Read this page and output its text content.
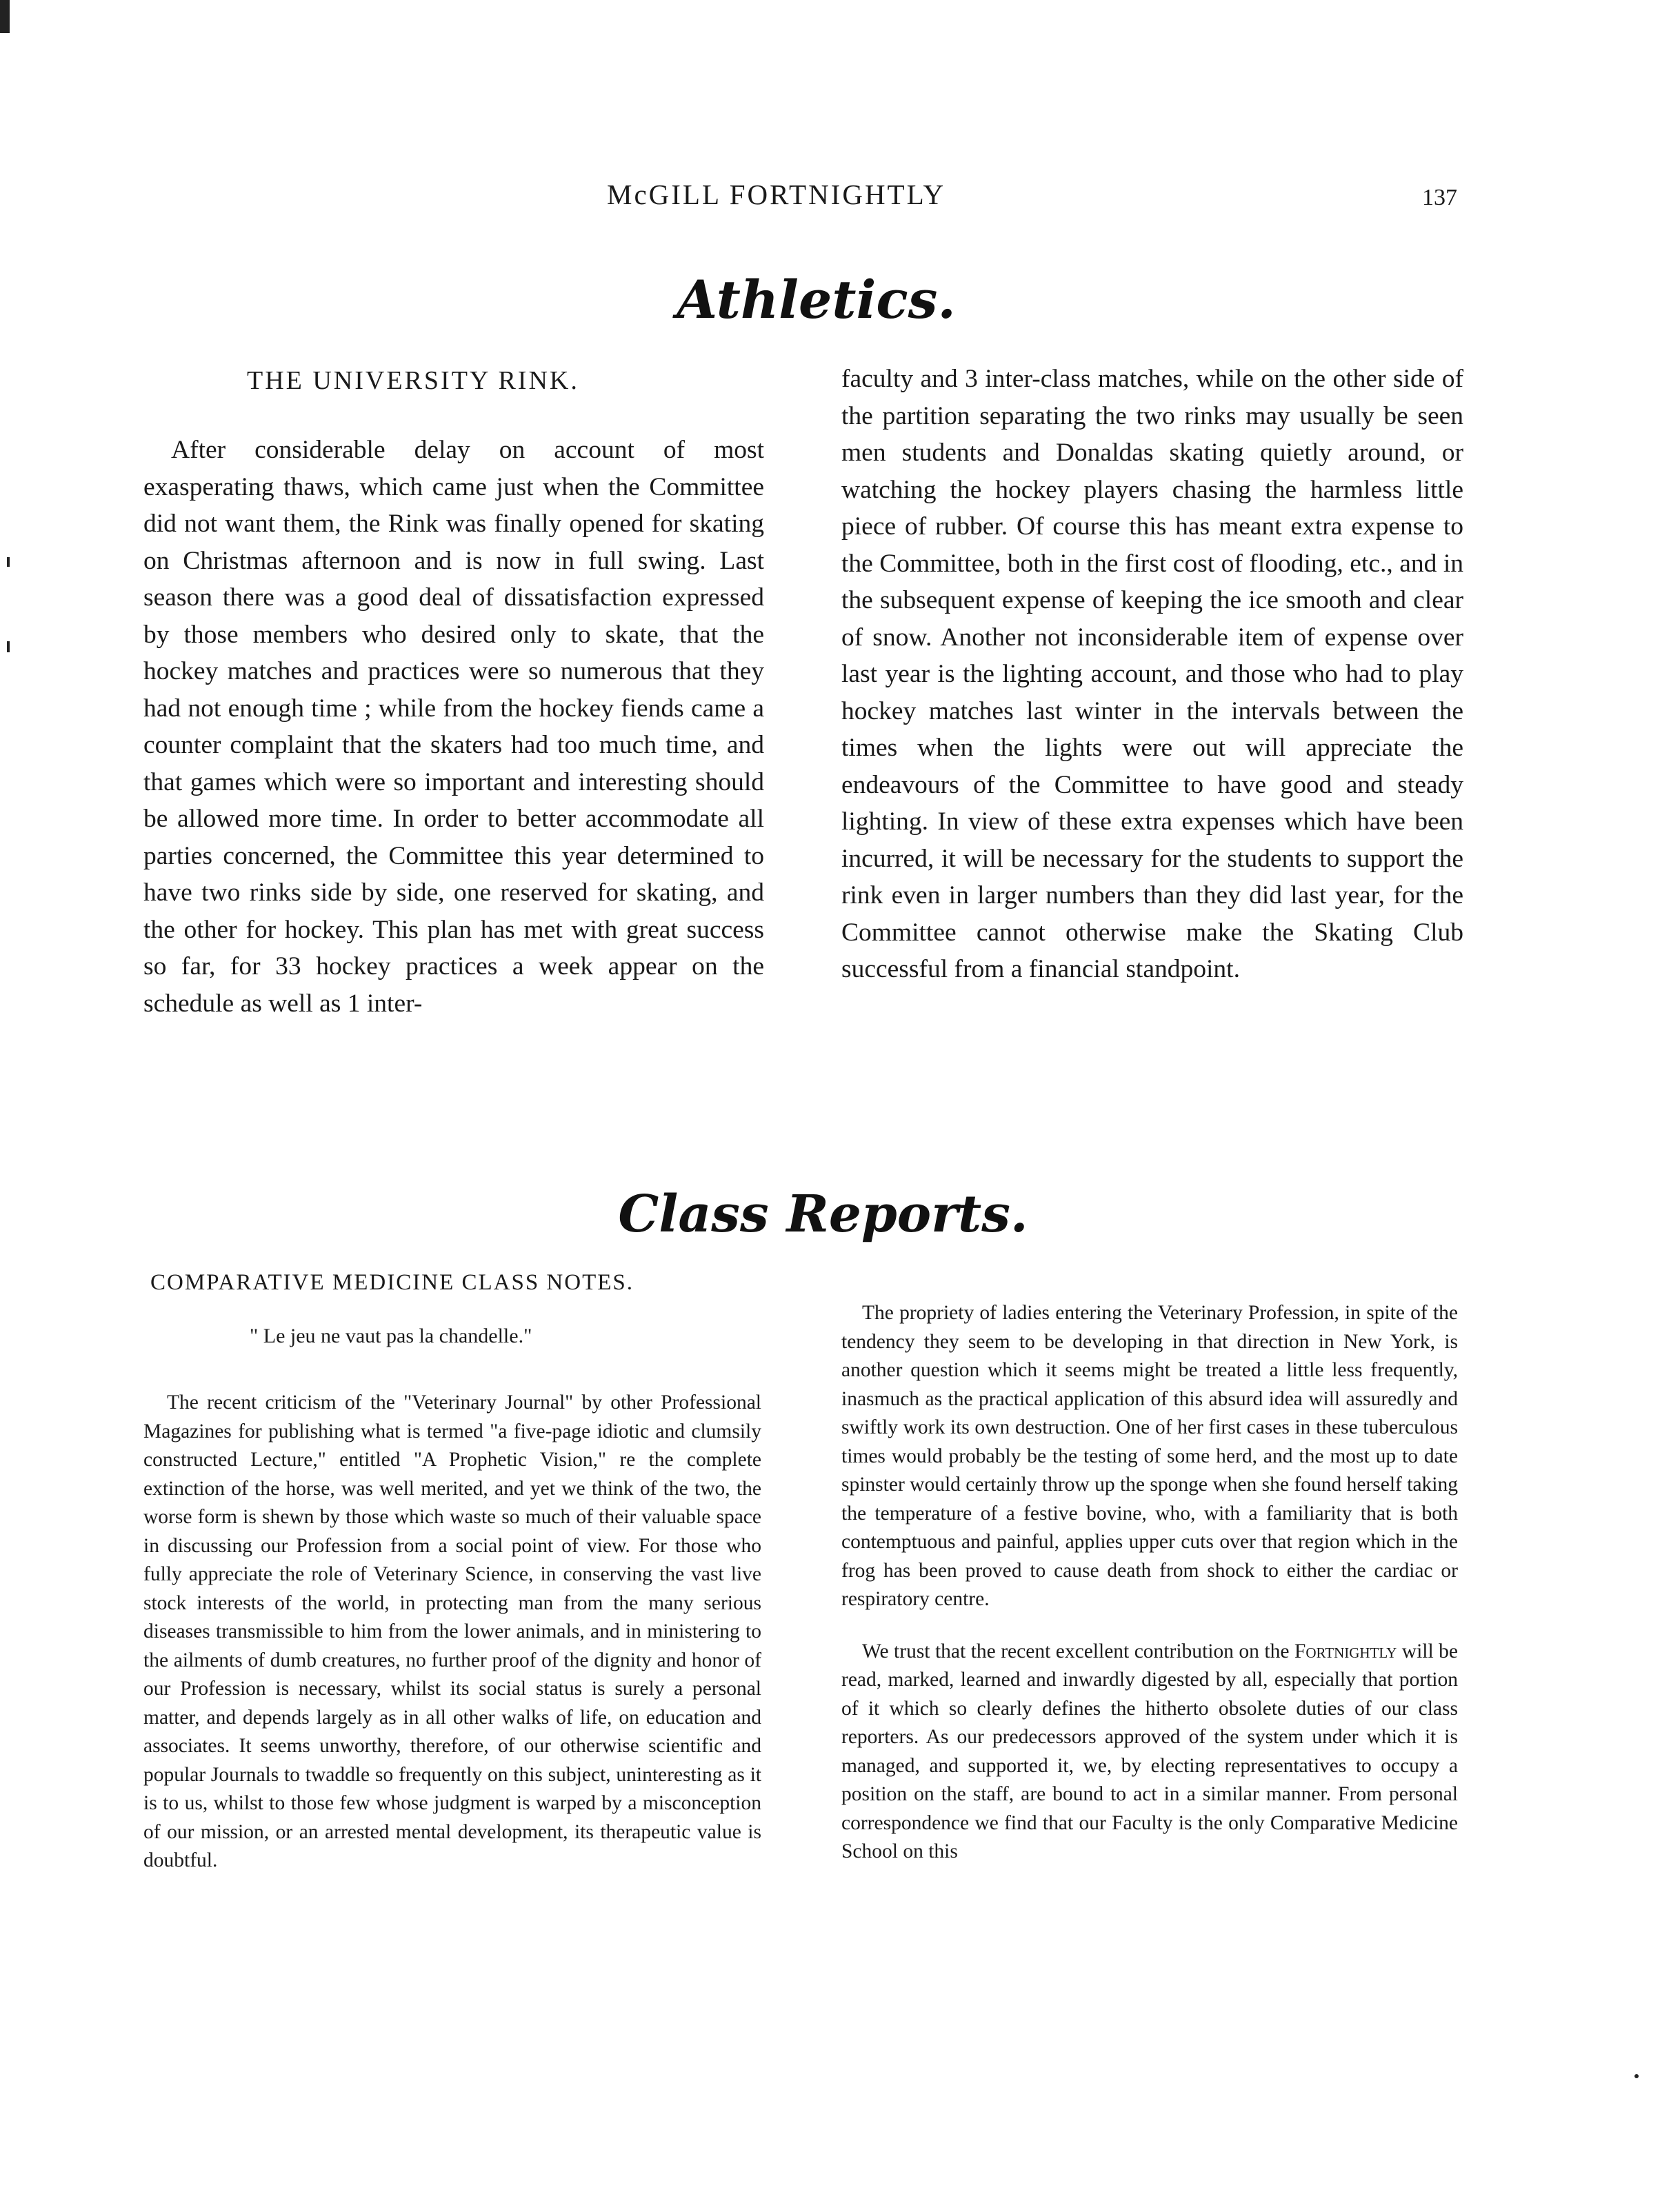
McGILL FORTNIGHTLY	137
Athletics.
THE UNIVERSITY RINK.

After considerable delay on account of most exasperating thaws, which came just when the Committee did not want them, the Rink was finally opened for skating on Christmas afternoon and is now in full swing. Last season there was a good deal of dissatisfaction expressed by those members who desired only to skate, that the hockey matches and practices were so numerous that they had not enough time ; while from the hockey fiends came a counter complaint that the skaters had too much time, and that games which were so important and interesting should be allowed more time. In order to better accommodate all parties concerned, the Committee this year determined to have two rinks side by side, one reserved for skating, and the other for hockey. This plan has met with great success so far, for 33 hockey practices a week appear on the schedule as well as 1 inter-

faculty and 3 inter-class matches, while on the other side of the partition separating the two rinks may usually be seen men students and Donaldas skating quietly around, or watching the hockey players chasing the harmless little piece of rubber. Of course this has meant extra expense to the Committee, both in the first cost of flooding, etc., and in the subsequent expense of keeping the ice smooth and clear of snow. Another not inconsiderable item of expense over last year is the lighting account, and those who had to play hockey matches last winter in the intervals between the times when the lights were out will appreciate the endeavours of the Committee to have good and steady lighting. In view of these extra expenses which have been incurred, it will be necessary for the students to support the rink even in larger numbers than they did last year, for the Committee cannot otherwise make the Skating Club successful from a financial standpoint.

Class Reports.
COMPARATIVE MEDICINE CLASS NOTES.
" Le jeu ne vaut pas la chandelle."

The recent criticism of the "Veterinary Journal" by other Professional Magazines for publishing what is termed "a five-page idiotic and clumsily constructed Lecture," entitled "A Prophetic Vision," re the complete extinction of the horse, was well merited, and yet we think of the two, the worse form is shewn by those which waste so much of their valuable space in discussing our Profession from a social point of view. For those who fully appreciate the role of Veterinary Science, in conserving the vast live stock interests of the world, in protecting man from the many serious diseases transmissible to him from the lower animals, and in ministering to the ailments of dumb creatures, no further proof of the dignity and honor of our Profession is necessary, whilst its social status is surely a personal matter, and depends largely as in all other walks of life, on education and associates. It seems unworthy, therefore, of our otherwise scientific and popular Journals to twaddle so frequently on this subject, uninteresting as it is to us, whilst to those few whose judgment is warped by a misconception of our mission, or an arrested mental development, its therapeutic value is doubtful.

The propriety of ladies entering the Veterinary Profession, in spite of the tendency they seem to be developing in that direction in New York, is another question which it seems might be treated a little less frequently, inasmuch as the practical application of this absurd idea will assuredly and swiftly work its own destruction. One of her first cases in these tuberculous times would probably be the testing of some herd, and the most up to date spinster would certainly throw up the sponge when she found herself taking the temperature of a festive bovine, who, with a familiarity that is both contemptuous and painful, applies upper cuts over that region which in the frog has been proved to cause death from shock to either the cardiac or respiratory centre.

We trust that the recent excellent contribution on the Fortnightly will be read, marked, learned and inwardly digested by all, especially that portion of it which so clearly defines the hitherto obsolete duties of our class reporters. As our predecessors approved of the system under which it is managed, and supported it, we, by electing representatives to occupy a position on the staff, are bound to act in a similar manner. From personal correspondence we find that our Faculty is the only Comparative Medicine School on this
